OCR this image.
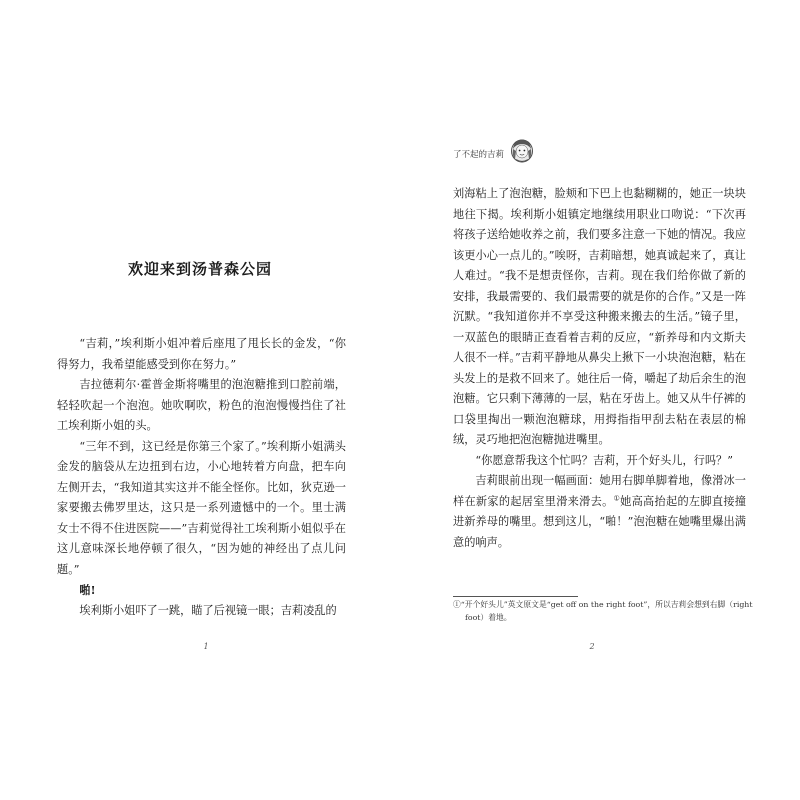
欢迎来到汤普森公园

“吉莉，”埃利斯小姐冲着后座甩了甩长长的金发，“你得努力，我希望能感受到你在努力。”

吉拉德莉尔·霍普金斯将嘴里的泡泡糖推到口腔前端，轻轻吹起一个泡泡。她吹啊吹，粉色的泡泡慢慢挡住了社工埃利斯小姐的头。

“三年不到，这已经是你第三个家了。”埃利斯小姐满头金发的脑袋从左边扭到右边，小心地转着方向盘，把车向左侧开去，“我知道其实这并不能全怪你。比如，狄克逊一家要搬去佛罗里达，这只是一系列遗憾中的一个。里士满女士不得不住进医院——”吉莉觉得社工埃利斯小姐似乎在这儿意味深长地停顿了很久，“因为她的神经出了点儿问题。”

啪!

埃利斯小姐吓了一跳，瞄了后视镜一眼；吉莉凌乱的

1
了不起的吉莉

刘海粘上了泡泡糖，脸颊和下巴上也黏糊糊的，她正一块块地往下揭。埃利斯小姐镇定地继续用职业口吻说：“下次再将孩子送给她收养之前，我们要多注意一下她的情况。我应该更小心一点儿的。”唉呀，吉莉暗想，她真诚起来了，真让人难过。“我不是想责怪你，吉莉。现在我们给你做了新的安排，我最需要的、我们最需要的就是你的合作。”又是一阵沉默。“我知道你并不享受这种搬来搬去的生活。”镜子里，一双蓝色的眼睛正查看着吉莉的反应，“新养母和内文斯夫人很不一样。”吉莉平静地从鼻尖上揪下一小块泡泡糖，粘在头发上的是救不回来了。她往后一倚，嚼起了劫后余生的泡泡糖。它只剩下薄薄的一层，粘在牙齿上。她又从牛仔裤的口袋里掏出一颗泡泡糖球，用拇指指甲刮去粘在表层的棉绒，灵巧地把泡泡糖抛进嘴里。

“你愿意帮我这个忙吗？吉莉，开个好头儿，行吗？”

吉莉眼前出现一幅画面：她用右脚单脚着地，像滑冰一样在新家的起居室里滑来滑去。①她高高抬起的左脚直接撞进新养母的嘴里。想到这儿，“啪！”泡泡糖在她嘴里爆出满意的响声。

①“开个好头儿”英文原文是“get off on the right foot”，所以吉莉会想到右脚（right foot）着地。
2
